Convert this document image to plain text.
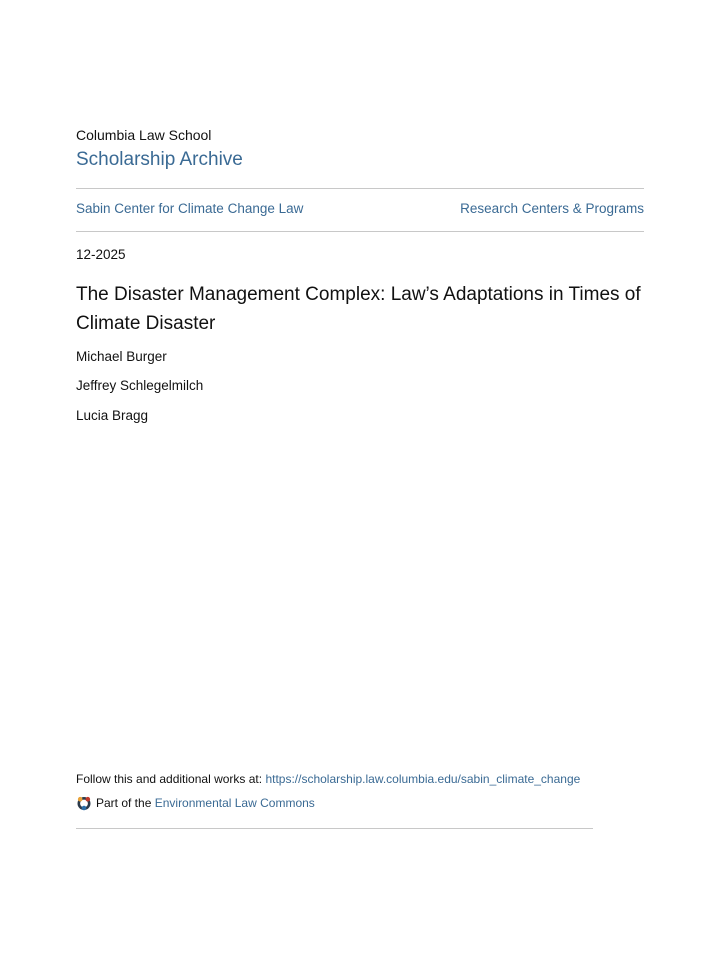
Columbia Law School
Scholarship Archive
Sabin Center for Climate Change Law	Research Centers & Programs
12-2025
The Disaster Management Complex: Law’s Adaptations in Times of Climate Disaster
Michael Burger
Jeffrey Schlegelmilch
Lucia Bragg
Follow this and additional works at: https://scholarship.law.columbia.edu/sabin_climate_change
Part of the
Environmental Law Commons
